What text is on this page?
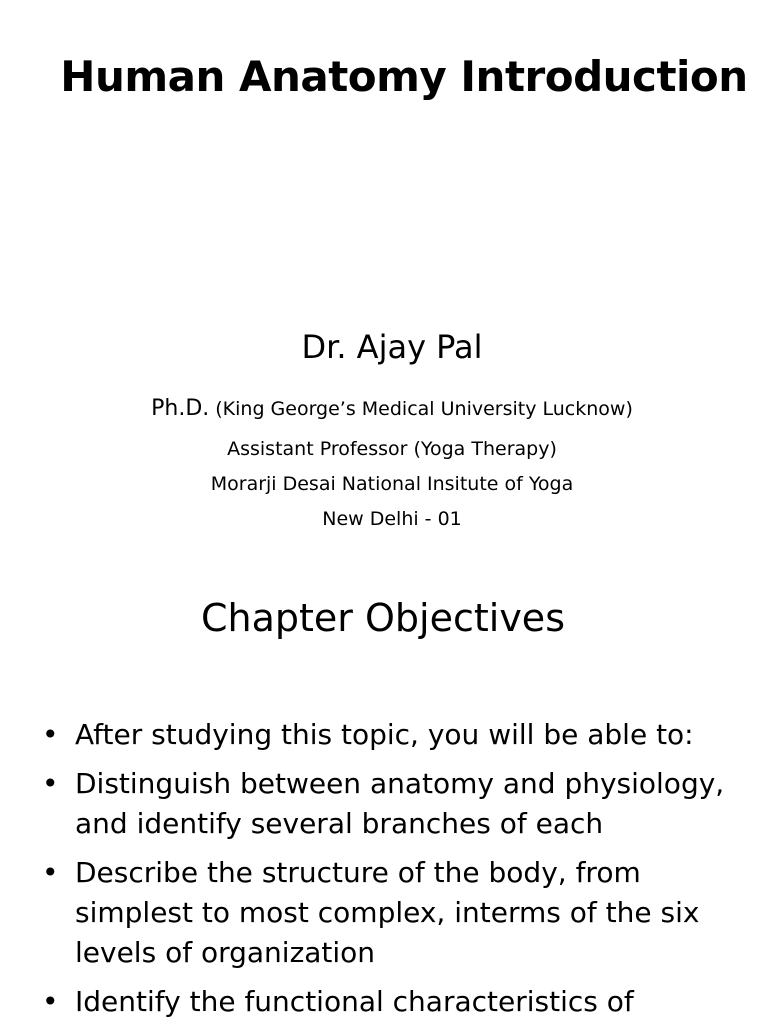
Human Anatomy Introduction
Dr. Ajay Pal
Ph.D. (King George’s Medical University Lucknow)
Assistant Professor (Yoga Therapy)
Morarji Desai National Insitute of Yoga
New Delhi - 01
Chapter Objectives
• After studying this topic, you will be able to:
• Distinguish between anatomy and physiology, and identify several branches of each
• Describe the structure of the body, from simplest to most complex, interms of the six levels of organization
• Identify the functional characteristics of
